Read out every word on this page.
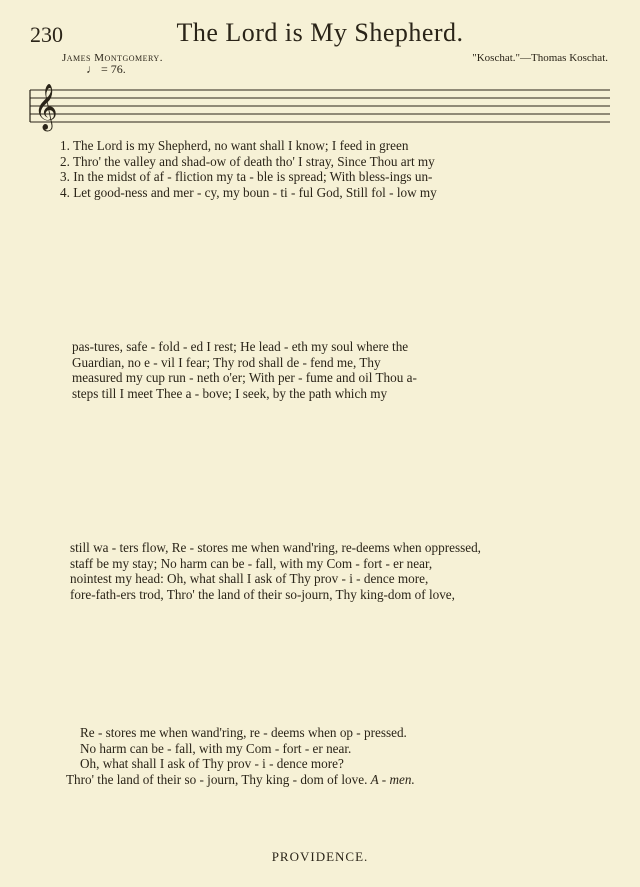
230	The Lord is My Shepherd.
James Montgomery.	"Koschat."—Thomas Koschat.
♩ = 76.
𝄞
1. The Lord is my Shepherd, no want shall I know; I feed in green
2. Thro' the valley and shad-ow of death tho' I stray, Since Thou art my
3. In the midst of af - fliction my ta - ble is spread; With bless-ings un-
4. Let good-ness and mer - cy, my boun - ti - ful God, Still fol - low my
pas-tures, safe - fold - ed I rest; He lead - eth my soul where the
Guardian, no e - vil I fear; Thy rod shall de - fend me, Thy
measured my cup run - neth o'er; With per - fume and oil Thou a-
steps till I meet Thee a - bove; I seek, by the path which my
still wa - ters flow, Re - stores me when wand'ring, re-deems when oppressed,
staff be my stay; No harm can be - fall, with my Com - fort - er near,
nointest my head: Oh, what shall I ask of Thy prov - i - dence more,
fore-fath-ers trod, Thro' the land of their so-journ, Thy king-dom of love,
Re - stores me when wand'ring, re - deems when op - pressed.
No harm can be - fall, with my Com - fort - er near.
Oh, what shall I ask of Thy prov - i - dence more?
Thro' the land of their so - journ, Thy king - dom of love. A - men.
PROVIDENCE.
